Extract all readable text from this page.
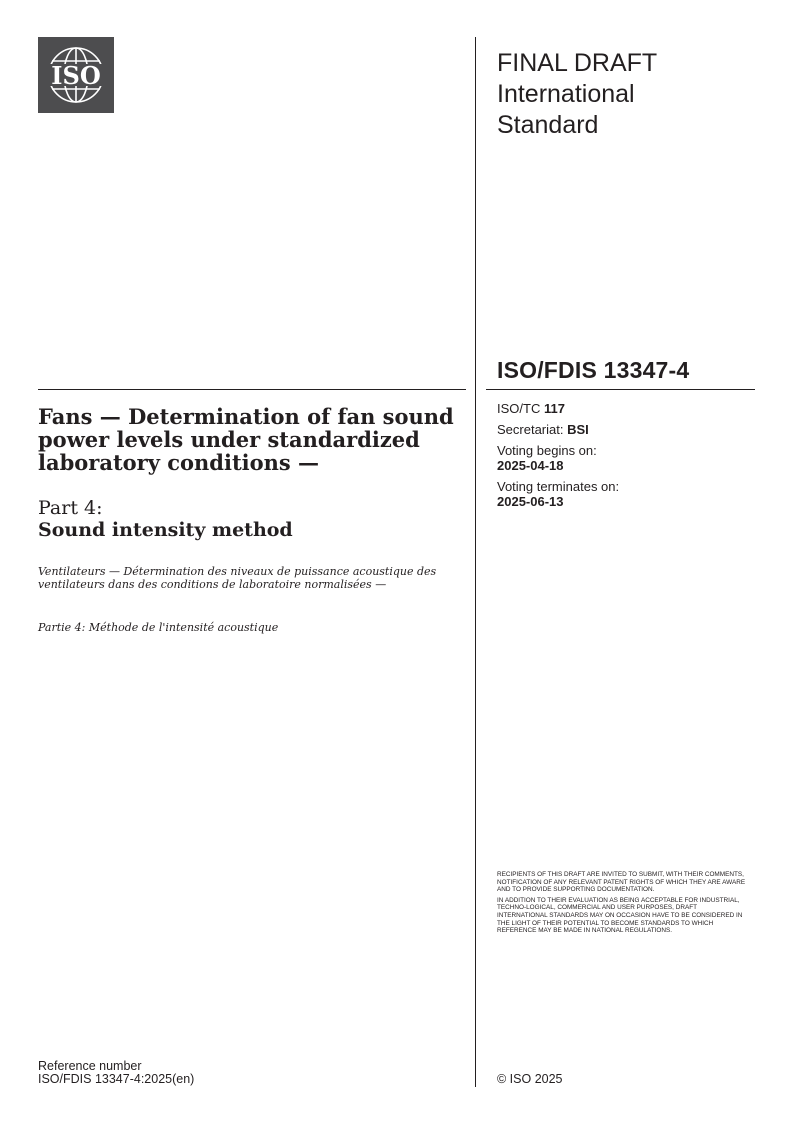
ISO	FINAL DRAFT
International
Standard
ISO/FDIS 13347-4
ISO/TC 117
Secretariat: BSI
Voting begins on:
2025-04-18
Voting terminates on:
2025-06-13
Fans — Determination of fan sound power levels under standardized laboratory conditions —
Part 4:
Sound intensity method
Ventilateurs — Détermination des niveaux de puissance acoustique des ventilateurs dans des conditions de laboratoire normalisées —
Partie 4: Méthode de l'intensité acoustique

RECIPIENTS OF THIS DRAFT ARE INVITED TO SUBMIT, WITH THEIR COMMENTS, NOTIFICATION OF ANY RELEVANT PATENT RIGHTS OF WHICH THEY ARE AWARE AND TO PROVIDE SUPPORTING DOCUMENTATION.

IN ADDITION TO THEIR EVALUATION AS BEING ACCEPTABLE FOR INDUSTRIAL, TECHNO-LOGICAL, COMMERCIAL AND USER PURPOSES, DRAFT INTERNATIONAL STANDARDS MAY ON OCCASION HAVE TO BE CONSIDERED IN THE LIGHT OF THEIR POTENTIAL TO BECOME STANDARDS TO WHICH REFERENCE MAY BE MADE IN NATIONAL REGULATIONS.

Reference number
ISO/FDIS 13347-4:2025(en)	© ISO 2025
